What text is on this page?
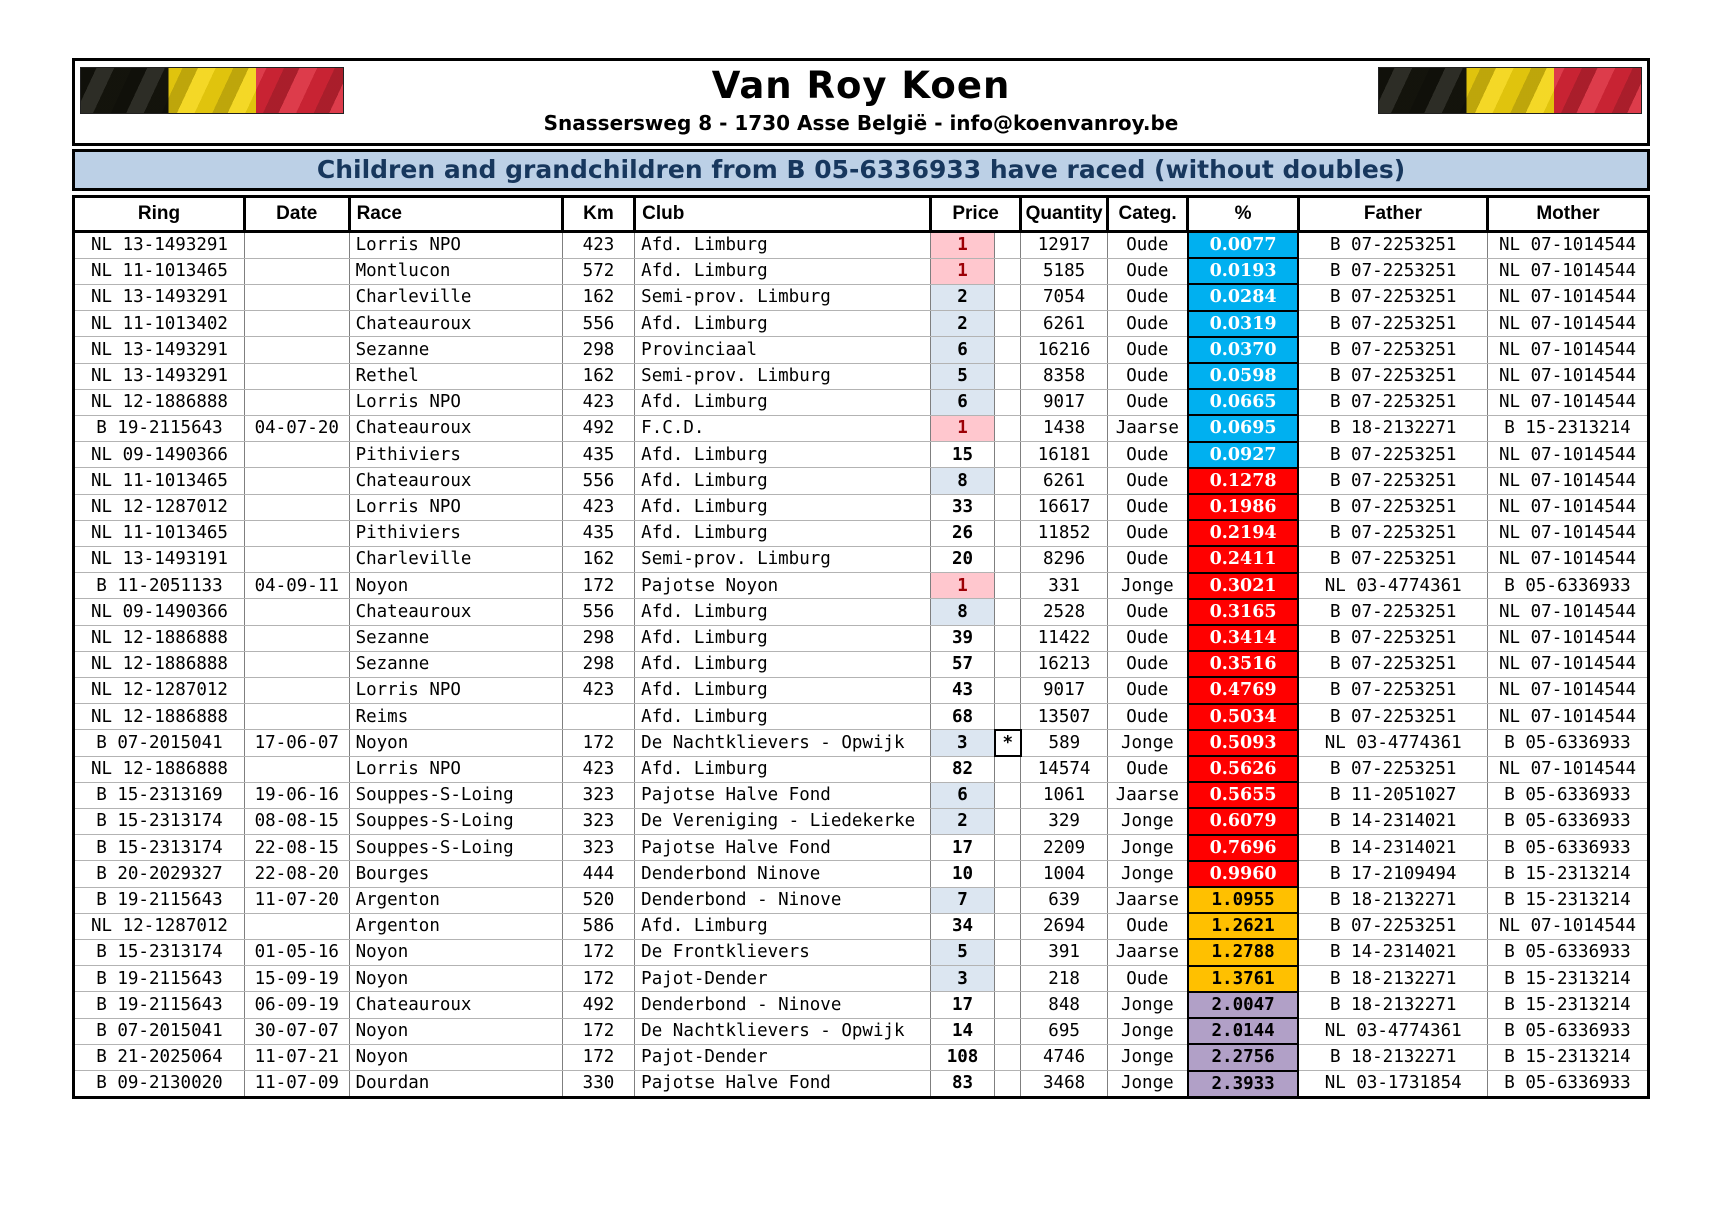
Van Roy Koen
Snassersweg 8 - 1730 Asse België - info@koenvanroy.be
Children and grandchildren from B 05-6336933 have raced (without doubles)
Ring	Date	Race	Km	Club	Price		Quantity	Categ.	%	Father	Mother
NL 13-1493291		Lorris NPO	423	Afd. Limburg	1		12917	Oude	0.0077	B 07-2253251	NL 07-1014544
NL 11-1013465		Montlucon	572	Afd. Limburg	1		5185	Oude	0.0193	B 07-2253251	NL 07-1014544
NL 13-1493291		Charleville	162	Semi-prov. Limburg	2		7054	Oude	0.0284	B 07-2253251	NL 07-1014544
NL 11-1013402		Chateauroux	556	Afd. Limburg	2		6261	Oude	0.0319	B 07-2253251	NL 07-1014544
NL 13-1493291		Sezanne	298	Provinciaal	6		16216	Oude	0.0370	B 07-2253251	NL 07-1014544
NL 13-1493291		Rethel	162	Semi-prov. Limburg	5		8358	Oude	0.0598	B 07-2253251	NL 07-1014544
NL 12-1886888		Lorris NPO	423	Afd. Limburg	6		9017	Oude	0.0665	B 07-2253251	NL 07-1014544
B 19-2115643	04-07-20	Chateauroux	492	F.C.D.	1		1438	Jaarse	0.0695	B 18-2132271	B 15-2313214
NL 09-1490366		Pithiviers	435	Afd. Limburg	15		16181	Oude	0.0927	B 07-2253251	NL 07-1014544
NL 11-1013465		Chateauroux	556	Afd. Limburg	8		6261	Oude	0.1278	B 07-2253251	NL 07-1014544
NL 12-1287012		Lorris NPO	423	Afd. Limburg	33		16617	Oude	0.1986	B 07-2253251	NL 07-1014544
NL 11-1013465		Pithiviers	435	Afd. Limburg	26		11852	Oude	0.2194	B 07-2253251	NL 07-1014544
NL 13-1493191		Charleville	162	Semi-prov. Limburg	20		8296	Oude	0.2411	B 07-2253251	NL 07-1014544
B 11-2051133	04-09-11	Noyon	172	Pajotse Noyon	1		331	Jonge	0.3021	NL 03-4774361	B 05-6336933
NL 09-1490366		Chateauroux	556	Afd. Limburg	8		2528	Oude	0.3165	B 07-2253251	NL 07-1014544
NL 12-1886888		Sezanne	298	Afd. Limburg	39		11422	Oude	0.3414	B 07-2253251	NL 07-1014544
NL 12-1886888		Sezanne	298	Afd. Limburg	57		16213	Oude	0.3516	B 07-2253251	NL 07-1014544
NL 12-1287012		Lorris NPO	423	Afd. Limburg	43		9017	Oude	0.4769	B 07-2253251	NL 07-1014544
NL 12-1886888		Reims		Afd. Limburg	68		13507	Oude	0.5034	B 07-2253251	NL 07-1014544
B 07-2015041	17-06-07	Noyon	172	De Nachtklievers - Opwijk	3	*	589	Jonge	0.5093	NL 03-4774361	B 05-6336933
NL 12-1886888		Lorris NPO	423	Afd. Limburg	82		14574	Oude	0.5626	B 07-2253251	NL 07-1014544
B 15-2313169	19-06-16	Souppes-S-Loing	323	Pajotse Halve Fond	6		1061	Jaarse	0.5655	B 11-2051027	B 05-6336933
B 15-2313174	08-08-15	Souppes-S-Loing	323	De Vereniging - Liedekerke	2		329	Jonge	0.6079	B 14-2314021	B 05-6336933
B 15-2313174	22-08-15	Souppes-S-Loing	323	Pajotse Halve Fond	17		2209	Jonge	0.7696	B 14-2314021	B 05-6336933
B 20-2029327	22-08-20	Bourges	444	Denderbond Ninove	10		1004	Jonge	0.9960	B 17-2109494	B 15-2313214
B 19-2115643	11-07-20	Argenton	520	Denderbond - Ninove	7		639	Jaarse	1.0955	B 18-2132271	B 15-2313214
NL 12-1287012		Argenton	586	Afd. Limburg	34		2694	Oude	1.2621	B 07-2253251	NL 07-1014544
B 15-2313174	01-05-16	Noyon	172	De Frontklievers	5		391	Jaarse	1.2788	B 14-2314021	B 05-6336933
B 19-2115643	15-09-19	Noyon	172	Pajot-Dender	3		218	Oude	1.3761	B 18-2132271	B 15-2313214
B 19-2115643	06-09-19	Chateauroux	492	Denderbond - Ninove	17		848	Jonge	2.0047	B 18-2132271	B 15-2313214
B 07-2015041	30-07-07	Noyon	172	De Nachtklievers - Opwijk	14		695	Jonge	2.0144	NL 03-4774361	B 05-6336933
B 21-2025064	11-07-21	Noyon	172	Pajot-Dender	108		4746	Jonge	2.2756	B 18-2132271	B 15-2313214
B 09-2130020	11-07-09	Dourdan	330	Pajotse Halve Fond	83		3468	Jonge	2.3933	NL 03-1731854	B 05-6336933
